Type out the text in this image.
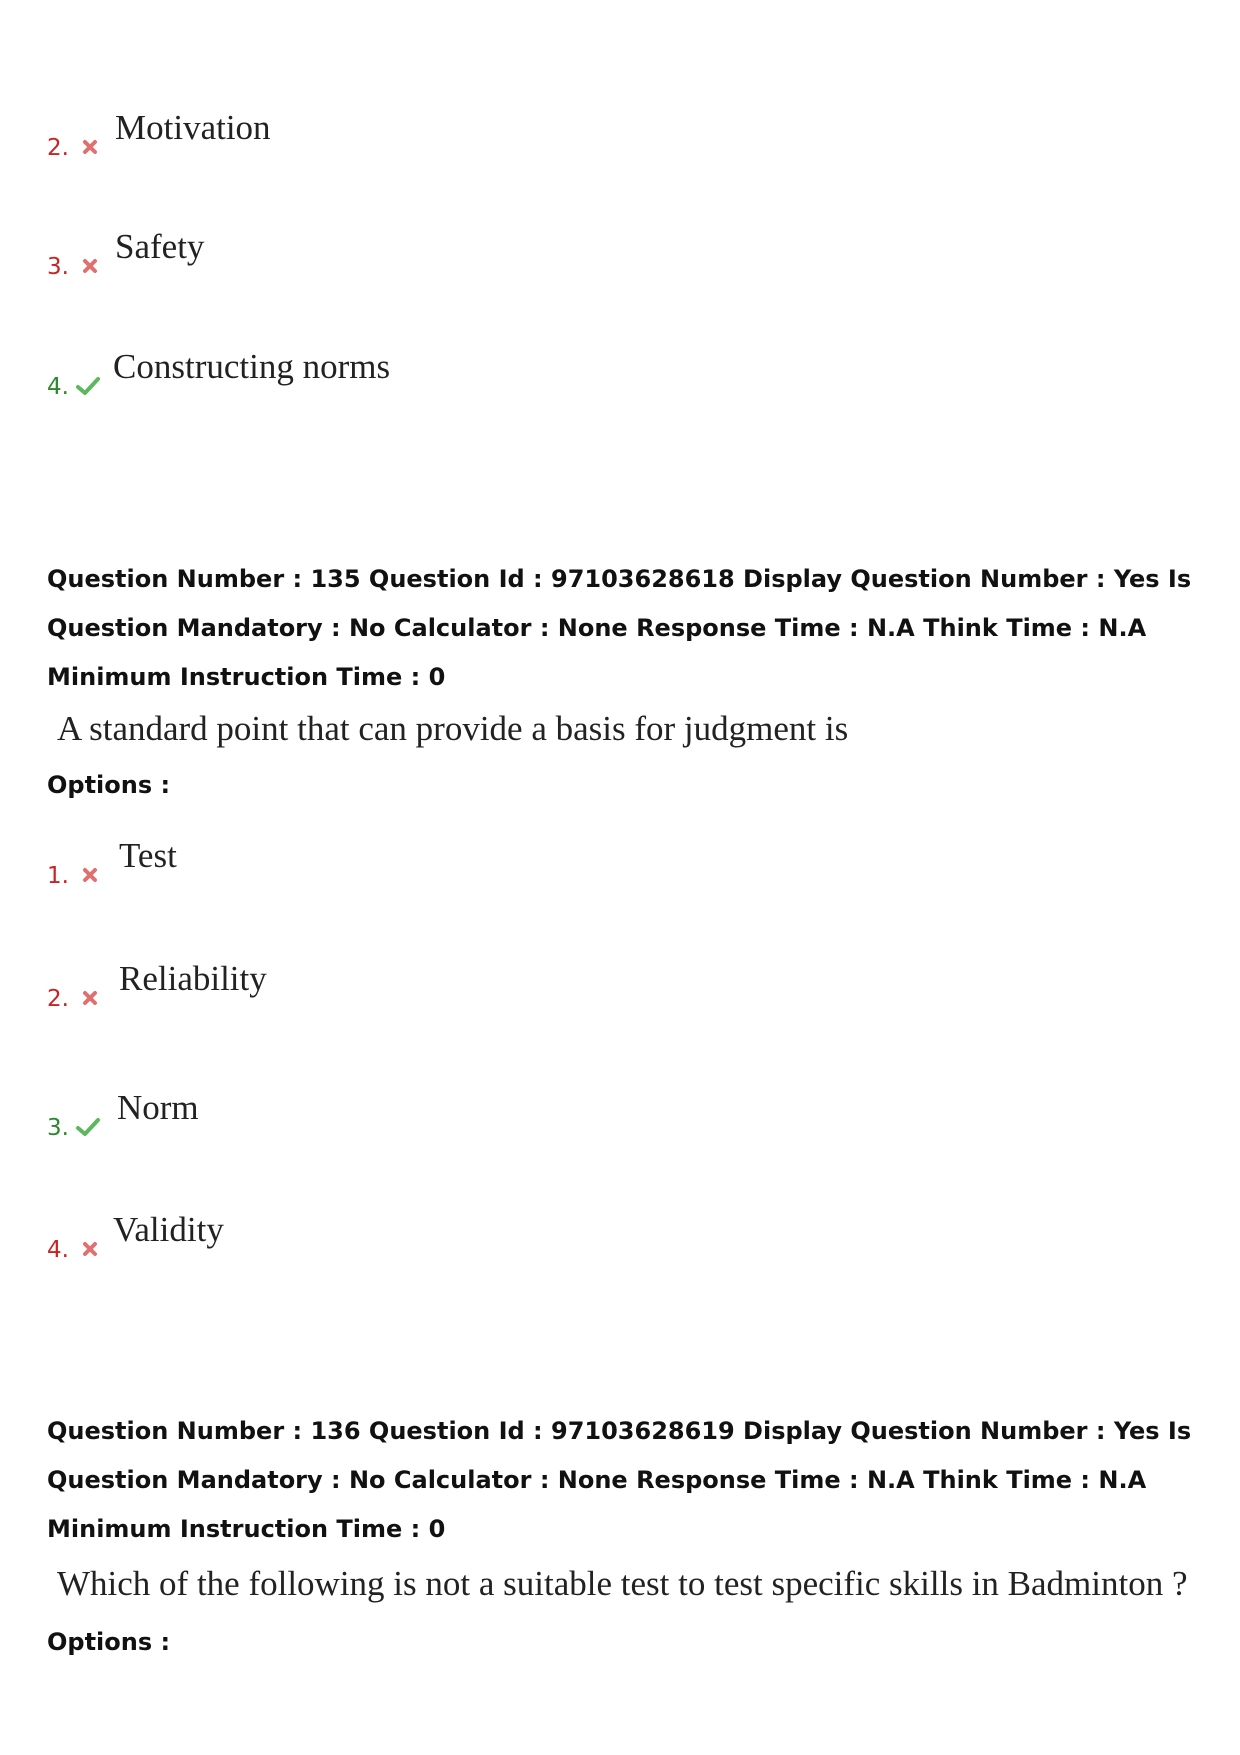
2.
Motivation
3.
Safety
4.
Constructing norms

Question Number : 135 Question Id : 97103628618 Display Question Number : Yes Is Question Mandatory : No Calculator : None Response Time : N.A Think Time : N.A Minimum Instruction Time : 0

A standard point that can provide a basis for judgment is

Options :

1.
Test
2.
Reliability
3.
Norm
4.
Validity

Question Number : 136 Question Id : 97103628619 Display Question Number : Yes Is Question Mandatory : No Calculator : None Response Time : N.A Think Time : N.A Minimum Instruction Time : 0

Which of the following is not a suitable test to test specific skills in Badminton ?

Options :
